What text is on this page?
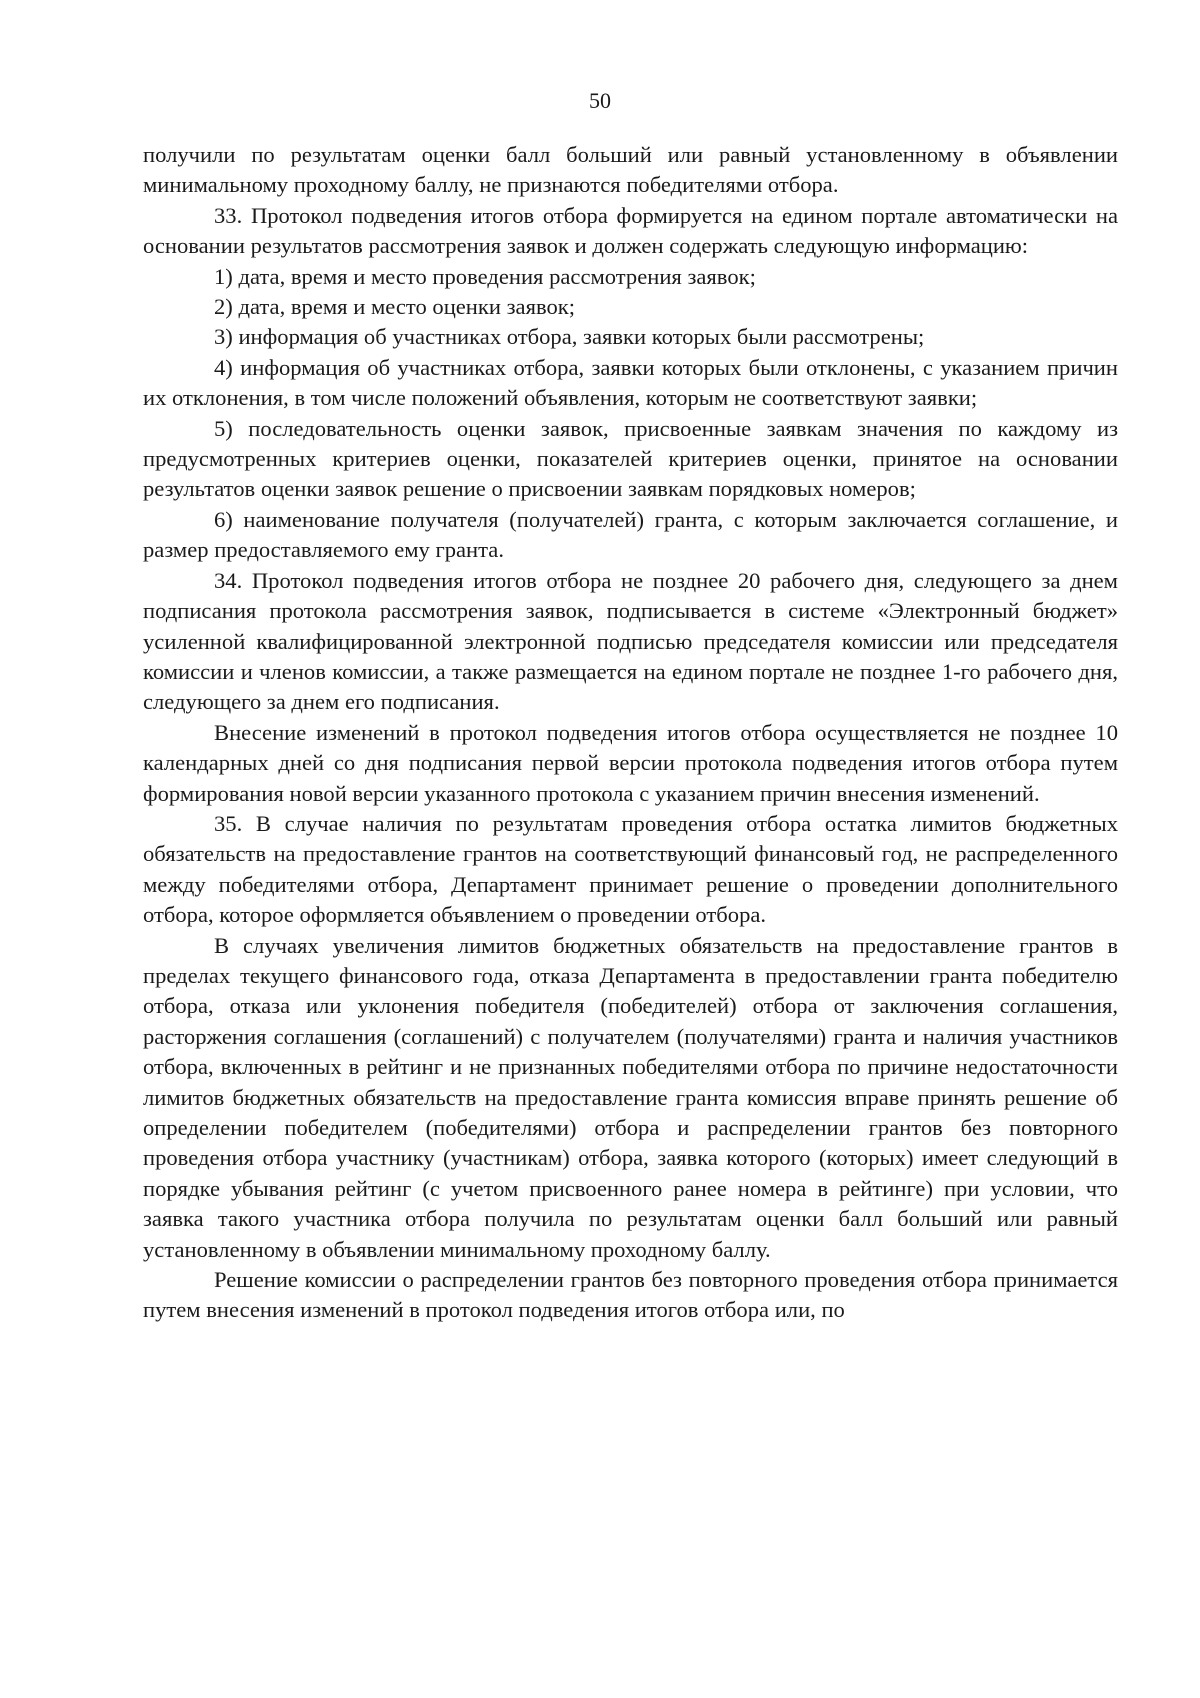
50

получили по результатам оценки балл больший или равный установленному в объявлении минимальному проходному баллу, не признаются победителями отбора.

33. Протокол подведения итогов отбора формируется на едином портале автоматически на основании результатов рассмотрения заявок и должен содержать следующую информацию:

1) дата, время и место проведения рассмотрения заявок;

2) дата, время и место оценки заявок;

3) информация об участниках отбора, заявки которых были рассмотрены;

4) информация об участниках отбора, заявки которых были отклонены, с указанием причин их отклонения, в том числе положений объявления, которым не соответствуют заявки;

5) последовательность оценки заявок, присвоенные заявкам значения по каждому из предусмотренных критериев оценки, показателей критериев оценки, принятое на основании результатов оценки заявок решение о присвоении заявкам порядковых номеров;

6) наименование получателя (получателей) гранта, с которым заключается соглашение, и размер предоставляемого ему гранта.

34. Протокол подведения итогов отбора не позднее 20 рабочего дня, следующего за днем подписания протокола рассмотрения заявок, подписывается в системе «Электронный бюджет» усиленной квалифицированной электронной подписью председателя комиссии или председателя комиссии и членов комиссии, а также размещается на едином портале не позднее 1-го рабочего дня, следующего за днем его подписания.

Внесение изменений в протокол подведения итогов отбора осуществляется не позднее 10 календарных дней со дня подписания первой версии протокола подведения итогов отбора путем формирования новой версии указанного протокола с указанием причин внесения изменений.

35. В случае наличия по результатам проведения отбора остатка лимитов бюджетных обязательств на предоставление грантов на соответствующий финансовый год, не распределенного между победителями отбора, Департамент принимает решение о проведении дополнительного отбора, которое оформляется объявлением о проведении отбора.

В случаях увеличения лимитов бюджетных обязательств на предоставление грантов в пределах текущего финансового года, отказа Департамента в предоставлении гранта победителю отбора, отказа или уклонения победителя (победителей) отбора от заключения соглашения, расторжения соглашения (соглашений) с получателем (получателями) гранта и наличия участников отбора, включенных в рейтинг и не признанных победителями отбора по причине недостаточности лимитов бюджетных обязательств на предоставление гранта комиссия вправе принять решение об определении победителем (победителями) отбора и распределении грантов без повторного проведения отбора участнику (участникам) отбора, заявка которого (которых) имеет следующий в порядке убывания рейтинг (с учетом присвоенного ранее номера в рейтинге) при условии, что заявка такого участника отбора получила по результатам оценки балл больший или равный установленному в объявлении минимальному проходному баллу.

Решение комиссии о распределении грантов без повторного проведения отбора принимается путем внесения изменений в протокол подведения итогов отбора или, по
